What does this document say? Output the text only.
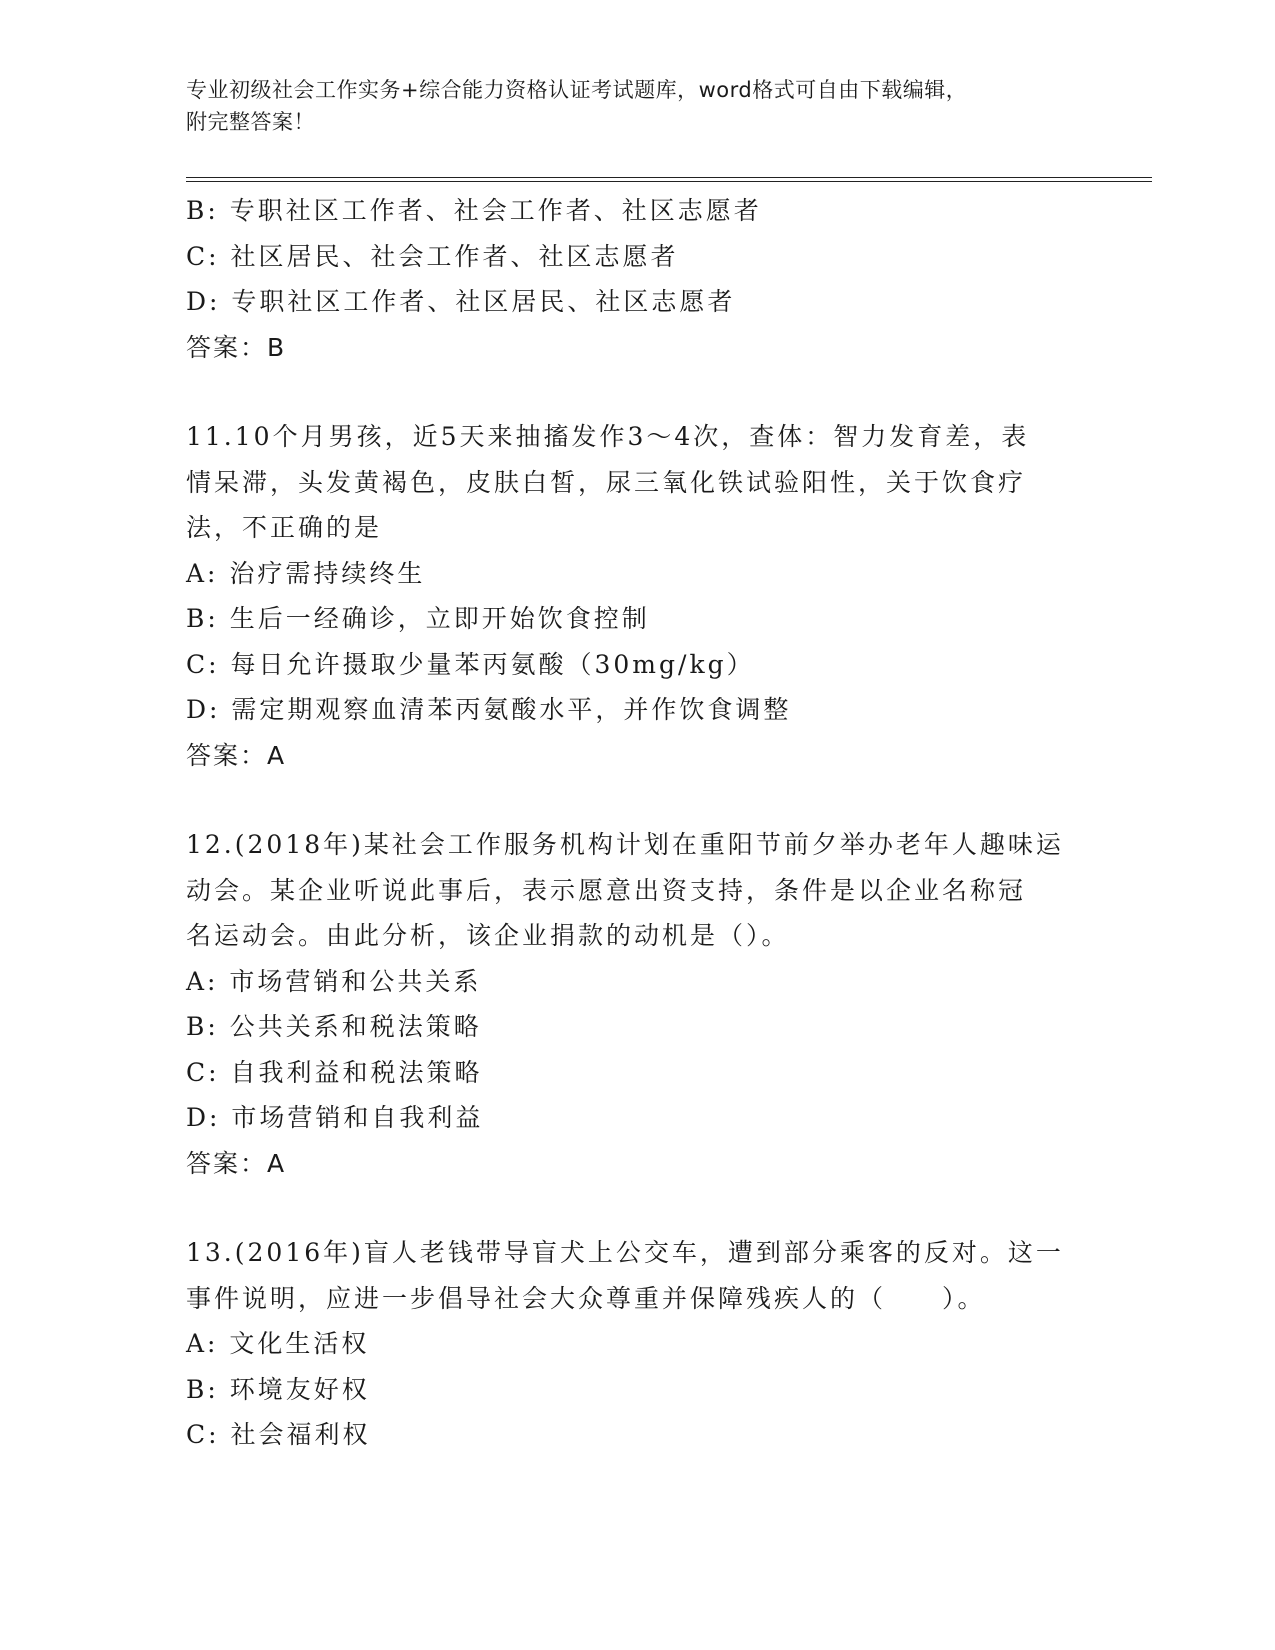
专业初级社会工作实务+综合能力资格认证考试题库，word格式可自由下载编辑，
附完整答案！
B: 专职社区工作者、社会工作者、社区志愿者
C: 社区居民、社会工作者、社区志愿者
D: 专职社区工作者、社区居民、社区志愿者
答案：B
11.10个月男孩，近5天来抽搐发作3～4次，查体：智力发育差，表
情呆滞，头发黄褐色，皮肤白皙，尿三氧化铁试验阳性，关于饮食疗
法，不正确的是
A: 治疗需持续终生
B: 生后一经确诊，立即开始饮食控制
C: 每日允许摄取少量苯丙氨酸（30mg/kg）
D: 需定期观察血清苯丙氨酸水平，并作饮食调整
答案：A
12.(2018年)某社会工作服务机构计划在重阳节前夕举办老年人趣味运
动会。某企业听说此事后，表示愿意出资支持，条件是以企业名称冠
名运动会。由此分析，该企业捐款的动机是（）。
A: 市场营销和公共关系
B: 公共关系和税法策略
C: 自我利益和税法策略
D: 市场营销和自我利益
答案：A
13.(2016年)盲人老钱带导盲犬上公交车，遭到部分乘客的反对。这一
事件说明，应进一步倡导社会大众尊重并保障残疾人的（　　）。
A: 文化生活权
B: 环境友好权
C: 社会福利权
